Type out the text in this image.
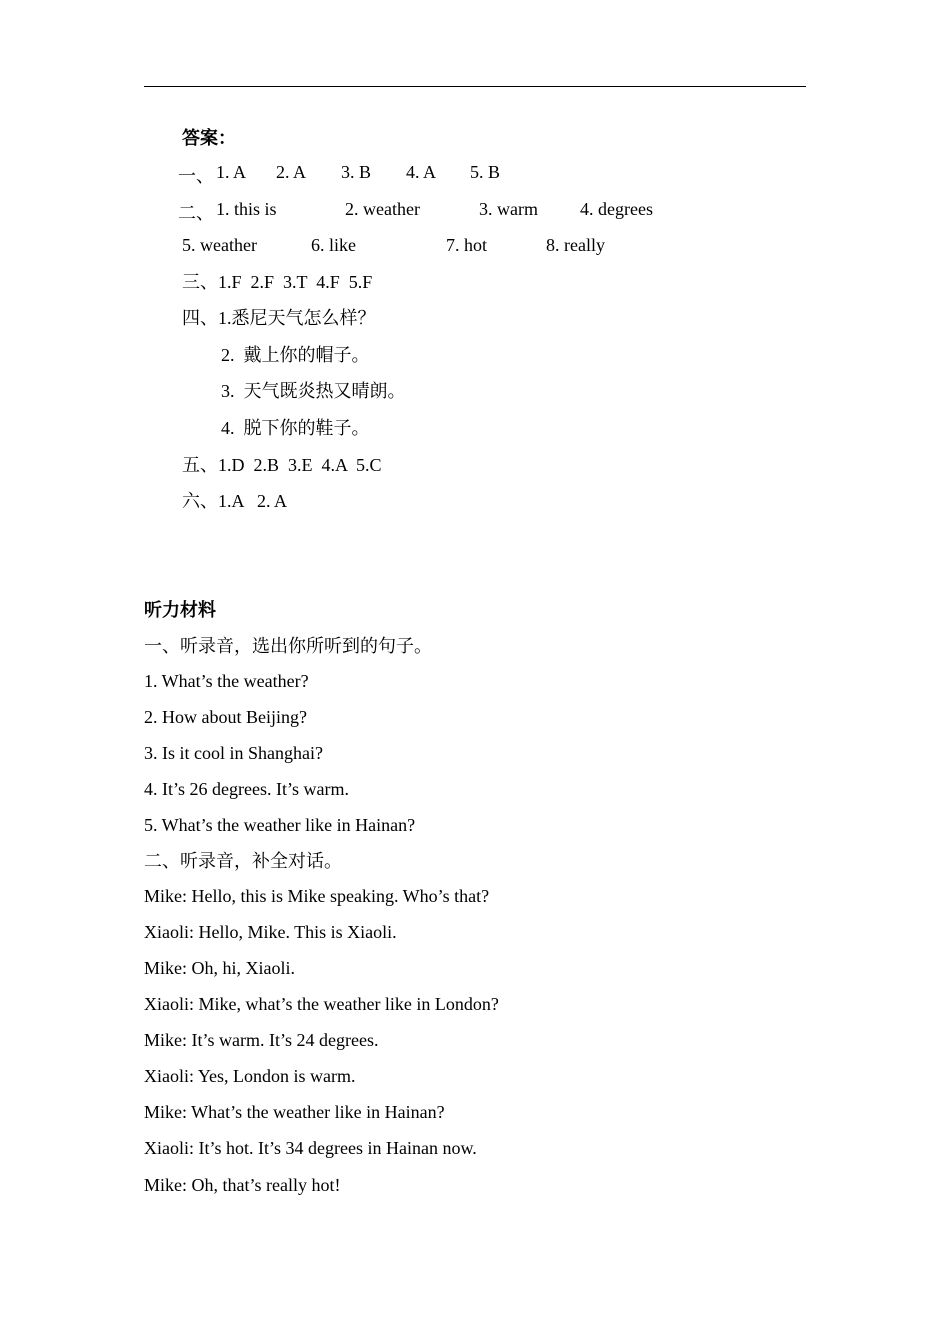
答案：
一、 1. A 2. A 3. B 4. A 5. B
二、 1. this is	2. weather	3. warm 4. degrees
5. weather	6. like	7. hot	8. really
三、1.F  2.F  3.T  4.F  5.F
四、1.悉尼天气怎么样？
2.  戴上你的帽子。
3.  天气既炎热又晴朗。
4.  脱下你的鞋子。
五、1.D  2.B  3.E  4.A  5.C
六、1.A   2. A
听力材料
一、听录音，选出你所听到的句子。
1. What’s the weather?
2. How about Beijing?
3. Is it cool in Shanghai?
4. It’s 26 degrees. It’s warm.
5. What’s the weather like in Hainan?
二、听录音，补全对话。
Mike: Hello, this is Mike speaking. Who’s that?
Xiaoli: Hello, Mike. This is Xiaoli.
Mike: Oh, hi, Xiaoli.
Xiaoli: Mike, what’s the weather like in London?
Mike: It’s warm. It’s 24 degrees.
Xiaoli: Yes, London is warm.
Mike: What’s the weather like in Hainan?
Xiaoli: It’s hot. It’s 34 degrees in Hainan now.
Mike: Oh, that’s really hot!
